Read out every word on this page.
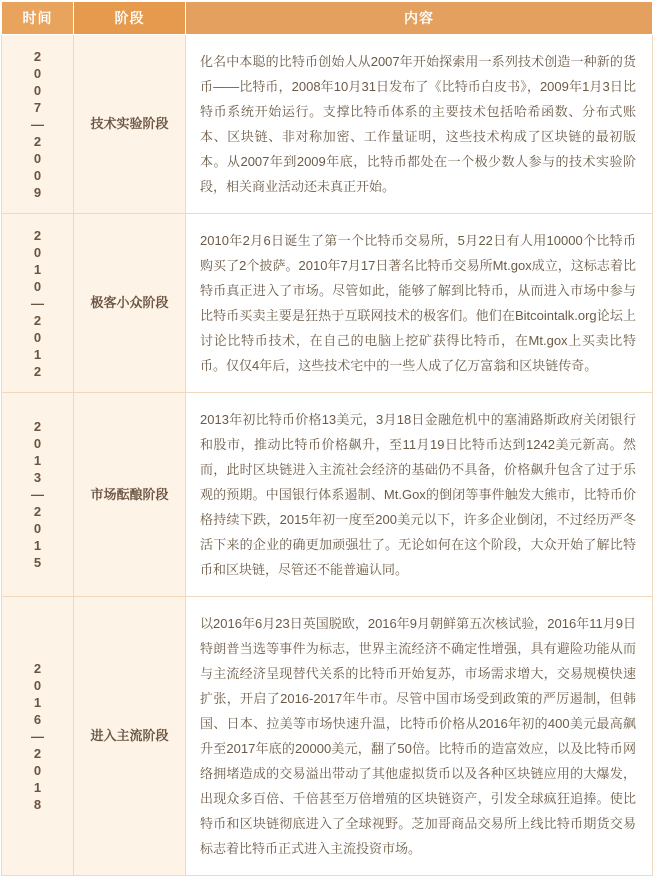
时间	阶段	内容

2007—2009	技术实验阶段	化名中本聪的比特币创始人从2007年开始探索用一系列技术创造一种新的货币——比特币，2008年10月31日发布了《比特币白皮书》，2009年1月3日比特币系统开始运行。支撑比特币体系的主要技术包括哈希函数、分布式账本、区块链、非对称加密、工作量证明，这些技术构成了区块链的最初版本。从2007年到2009年底，比特币都处在一个极少数人参与的技术实验阶段，相关商业活动还未真正开始。

2010—2012	极客小众阶段	2010年2月6日诞生了第一个比特币交易所，5月22日有人用10000个比特币购买了2个披萨。2010年7月17日著名比特币交易所Mt.gox成立，这标志着比特币真正进入了市场。尽管如此，能够了解到比特币，从而进入市场中参与比特币买卖主要是狂热于互联网技术的极客们。他们在Bitcointalk.org论坛上讨论比特币技术，在自己的电脑上挖矿获得比特币，在Mt.gox上买卖比特币。仅仅4年后，这些技术宅中的一些人成了亿万富翁和区块链传奇。

2013—2015	市场酝酿阶段	2013年初比特币价格13美元，3月18日金融危机中的塞浦路斯政府关闭银行和股市，推动比特币价格飙升，至11月19日比特币达到1242美元新高。然而，此时区块链进入主流社会经济的基础仍不具备，价格飙升包含了过于乐观的预期。中国银行体系遏制、Mt.Gox的倒闭等事件触发大熊市，比特币价格持续下跌，2015年初一度至200美元以下，许多企业倒闭，不过经历严冬活下来的企业的确更加顽强壮了。无论如何在这个阶段，大众开始了解比特币和区块链，尽管还不能普遍认同。

2016—2018	进入主流阶段	以2016年6月23日英国脱欧，2016年9月朝鲜第五次核试验，2016年11月9日特朗普当选等事件为标志，世界主流经济不确定性增强，具有避险功能从而与主流经济呈现替代关系的比特币开始复苏，市场需求增大，交易规模快速扩张，开启了2016-2017年牛市。尽管中国市场受到政策的严厉遏制，但韩国、日本、拉美等市场快速升温，比特币价格从2016年初的400美元最高飙升至2017年底的20000美元，翻了50倍。比特币的造富效应，以及比特币网络拥堵造成的交易溢出带动了其他虚拟货币以及各种区块链应用的大爆发，出现众多百倍、千倍甚至万倍增殖的区块链资产，引发全球疯狂追捧。使比特币和区块链彻底进入了全球视野。芝加哥商品交易所上线比特币期货交易标志着比特币正式进入主流投资市场。
